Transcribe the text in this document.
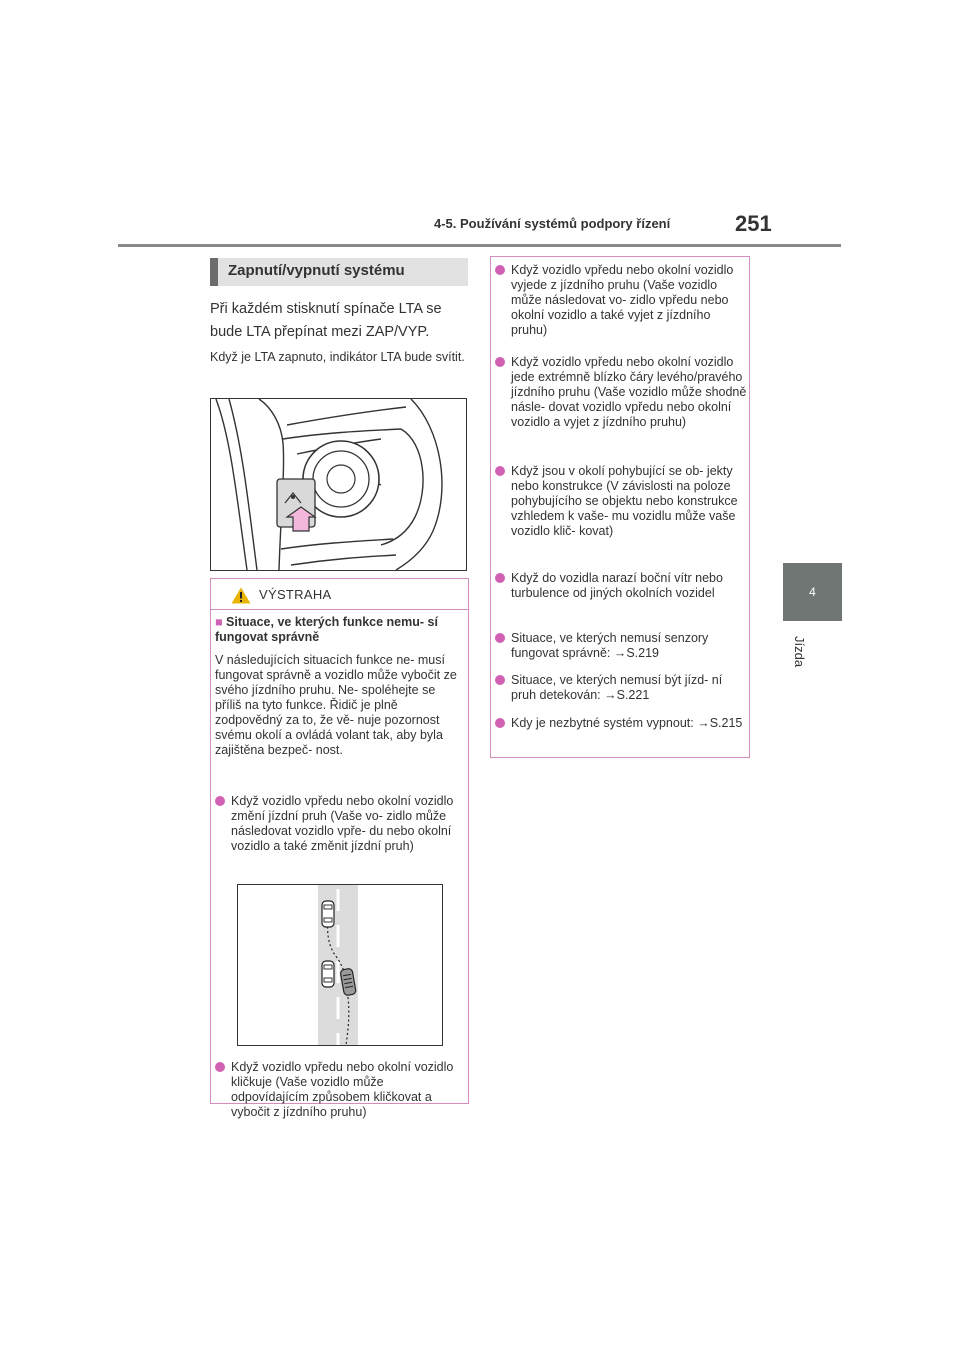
4-5. Používání systémů podpory řízení	251
4
Jízda
Zapnutí/vypnutí systému
Při každém stisknutí spínače LTA se bude LTA přepínat mezi ZAP/VYP.
Když je LTA zapnuto, indikátor LTA bude svítit.
VÝSTRAHA
■ Situace, ve kterých funkce nemu- sí fungovat správně
V následujících situacích funkce ne- musí fungovat správně a vozidlo může vybočit ze svého jízdního pruhu. Ne- spoléhejte se příliš na tyto funkce. Řidič je plně zodpovědný za to, že vě- nuje pozornost svému okolí a ovládá volant tak, aby byla zajištěna bezpeč- nost.
Když vozidlo vpředu nebo okolní vozidlo změní jízdní pruh (Vaše vo- zidlo může následovat vozidlo vpře- du nebo okolní vozidlo a také změnit jízdní pruh)
Když vozidlo vpředu nebo okolní vozidlo kličkuje (Vaše vozidlo může odpovídajícím způsobem kličkovat a vybočit z jízdního pruhu)
Když vozidlo vpředu nebo okolní vozidlo vyjede z jízdního pruhu (Vaše vozidlo může následovat vo- zidlo vpředu nebo okolní vozidlo a také vyjet z jízdního pruhu)
Když vozidlo vpředu nebo okolní vozidlo jede extrémně blízko čáry levého/pravého jízdního pruhu (Vaše vozidlo může shodně násle- dovat vozidlo vpředu nebo okolní vozidlo a vyjet z jízdního pruhu)
Když jsou v okolí pohybující se ob- jekty nebo konstrukce (V závislosti na poloze pohybujícího se objektu nebo konstrukce vzhledem k vaše- mu vozidlu může vaše vozidlo klič- kovat)
Když do vozidla narazí boční vítr nebo turbulence od jiných okolních vozidel
Situace, ve kterých nemusí senzory fungovat správně: →S.219
Situace, ve kterých nemusí být jízd- ní pruh detekován: →S.221
Kdy je nezbytné systém vypnout: →S.215
